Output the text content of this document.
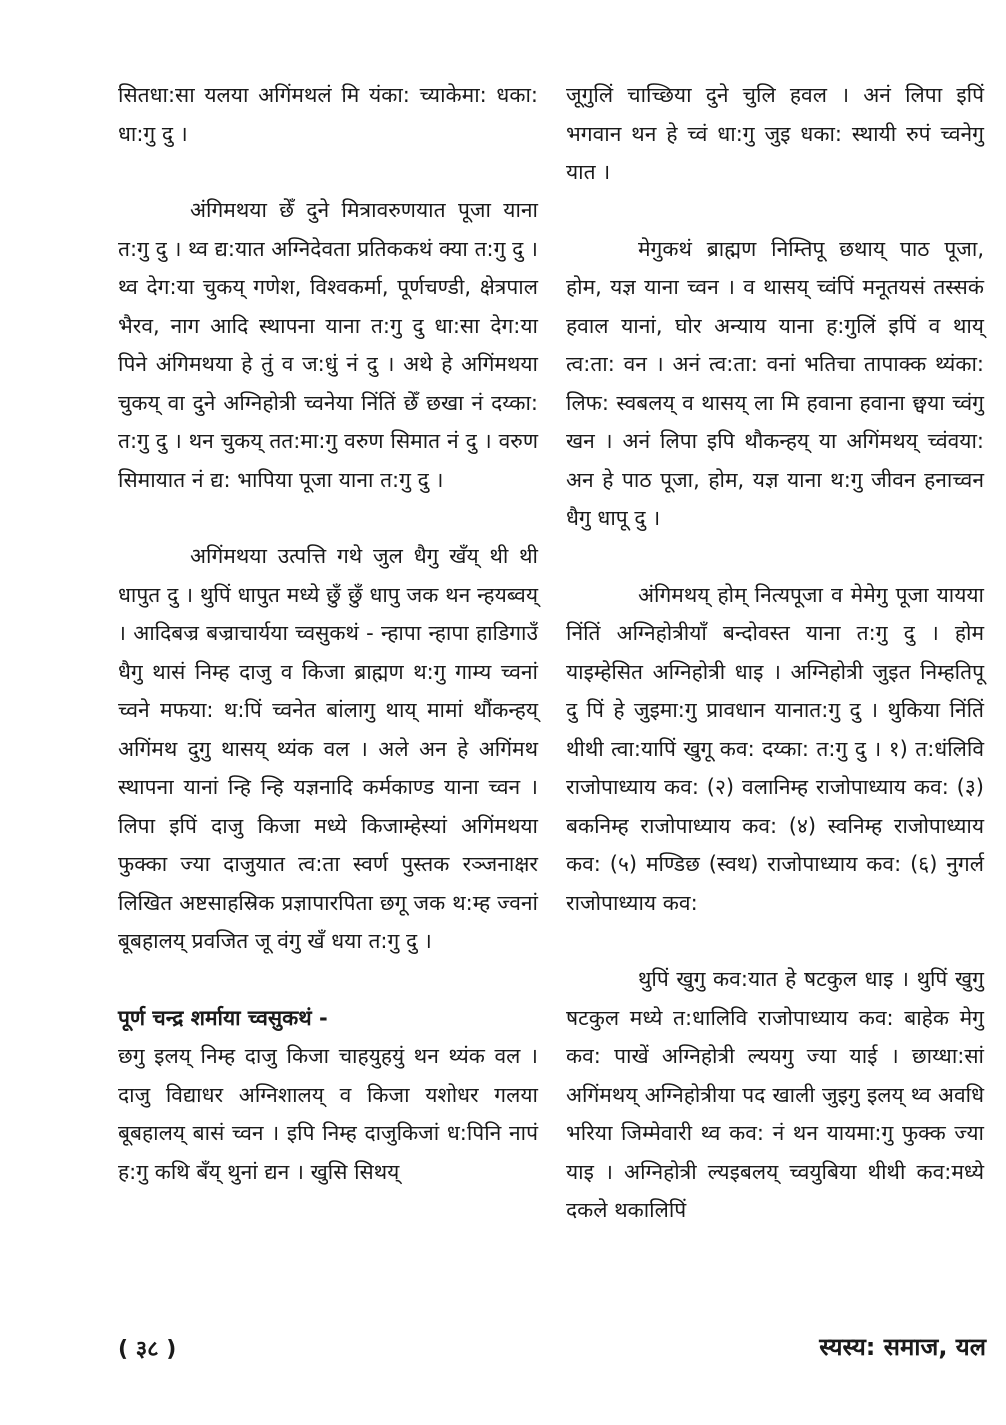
सितधा:सा यलया अगिंमथलं मि यंका: च्याकेमा: धका: धा:गु दु ।

अंगिमथया छेँ दुने मित्रावरुणयात पूजा याना त:गु दु । थ्व द्य:यात अग्निदेवता प्रतिककथं क्या त:गु दु । थ्व देग:या चुकय् गणेश, विश्वकर्मा, पूर्णचण्डी, क्षेत्रपाल भैरव, नाग आदि स्थापना याना त:गु दु धा:सा देग:या पिने अंगिमथया हे तुं व ज:धुं नं दु । अथे हे अगिंमथया चुकय् वा दुने अग्निहोत्री च्वनेया निंतिं छेँ छखा नं दय्का: त:गु दु । थन चुकय् तत:मा:गु वरुण सिमात नं दु । वरुण सिमायात नं द्य: भापिया पूजा याना त:गु दु ।

अगिंमथया उत्पत्ति गथे जुल धैगु खँय् थी थी धापुत दु । थुपिं धापुत मध्ये छुँ छुँ धापु जक थन न्हयब्वय् । आदिबज्र बज्राचार्यया च्वसुकथं - न्हापा न्हापा हाडिगाउँ धैगु थासं निम्ह दाजु व किजा ब्राह्मण थ:गु गाम्य च्वनां च्वने मफया: थ:पिं च्वनेत बांलागु थाय् मामां थौंकन्हय् अगिंमथ दुगु थासय् थ्यंक वल । अले अन हे अगिंमथ स्थापना यानां न्हि न्हि यज्ञनादि कर्मकाण्ड याना च्वन । लिपा इपिं दाजु किजा मध्ये किजाम्हेस्यां अगिंमथया फुक्का ज्या दाजुयात त्व:ता स्वर्ण पुस्तक रञ्जनाक्षर लिखित अष्टसाहस्रिक प्रज्ञापारपिता छगू जक थ:म्ह ज्वनां बूबहालय् प्रवजित जू वंगु खँ धया त:गु दु ।

पूर्ण चन्द्र शर्माया च्वसुकथं -

छगु इलय् निम्ह दाजु किजा चाहयुहयुं थन थ्यंक वल । दाजु विद्याधर अग्निशालय् व किजा यशोधर गलया बूबहालय् बासं च्वन । इपि निम्ह दाजुकिजां ध:पिनि नापं ह:गु कथि बँय् थुनां द्यन । खुसि सिथय्

जूगुलिं चाच्छिया दुने चुलि हवल । अनं लिपा इपिं भगवान थन हे च्वं धा:गु जुइ धका: स्थायी रुपं च्वनेगु यात ।

मेगुकथं ब्राह्मण निम्तिपू छथाय् पाठ पूजा, होम, यज्ञ याना च्वन । व थासय् च्वंपिं मनूतयसं तस्सकं हवाल यानां, घोर अन्याय याना ह:गुलिं इपिं व थाय् त्व:ता: वन । अनं त्व:ता: वनां भतिचा तापाक्क थ्यंका: लिफ: स्वबलय् व थासय् ला मि हवाना हवाना छ्वया च्वंगु खन । अनं लिपा इपि थौकन्हय् या अगिंमथय् च्वंवया: अन हे पाठ पूजा, होम, यज्ञ याना थ:गु जीवन हनाच्वन धैगु धापू दु ।

अंगिमथय् होम् नित्यपूजा व मेमेगु पूजा यायया निंतिं अग्निहोत्रीयाँ बन्दोवस्त याना त:गु दु । होम याइम्हेसित अग्निहोत्री धाइ । अग्निहोत्री जुइत निम्हतिपू दु पिं हे जुइमा:गु प्रावधान यानात:गु दु । थुकिया निंतिं थीथी त्वा:यापिं खुगू कव: दय्का: त:गु दु । १) त:धंलिवि राजोपाध्याय कव: (२) वलानिम्ह राजोपाध्याय कव: (३) बकनिम्ह राजोपाध्याय कव: (४) स्वनिम्ह राजोपाध्याय कव: (५) मण्डिछ (स्वथ) राजोपाध्याय कव: (६) नुगर्ल राजोपाध्याय कव:

थुपिं खुगु कव:यात हे षटकुल धाइ । थुपिं खुगु षटकुल मध्ये त:धालिवि राजोपाध्याय कव: बाहेक मेगु कव: पाखें अग्निहोत्री ल्ययगु ज्या याई । छाय्धा:सां अगिंमथय् अग्निहोत्रीया पद खाली जुइगु इलय् थ्व अवधि भरिया जिम्मेवारी थ्व कव: नं थन यायमा:गु फुक्क ज्या याइ । अग्निहोत्री ल्यइबलय् च्वयुबिया थीथी कव:मध्ये दकले थकालिपिं

( ३८ )	स्यस्य: समाज, यल
